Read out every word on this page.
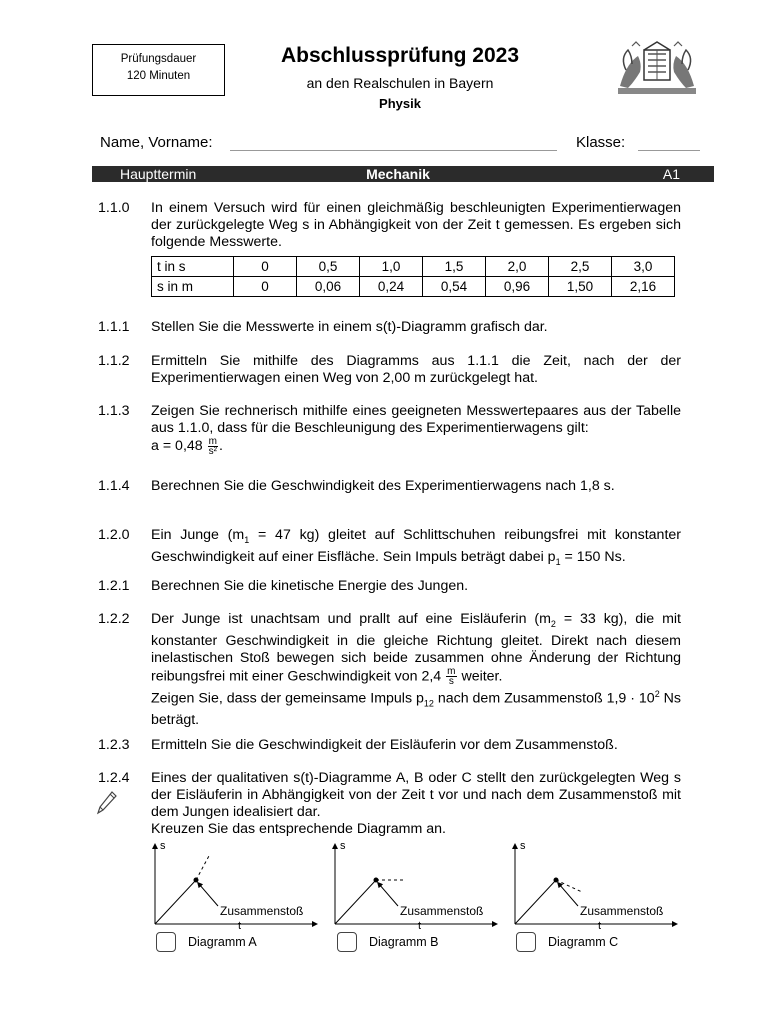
Prüfungsdauer
120 Minuten
Abschlussprüfung 2023
an den Realschulen in Bayern
Physik
Name, Vorname:	Klasse:
Haupttermin	Mechanik	A1
1.1.0 In einem Versuch wird für einen gleichmäßig beschleunigten Experimentierwagen der zurückgelegte Weg s in Abhängigkeit von der Zeit t gemessen. Es ergeben sich folgende Messwerte.
t in s	0	0,5	1,0	1,5	2,0	2,5	3,0
s in m	0	0,06	0,24	0,54	0,96	1,50	2,16
1.1.1 Stellen Sie die Messwerte in einem s(t)-Diagramm grafisch dar.
1.1.2 Ermitteln Sie mithilfe des Diagramms aus 1.1.1 die Zeit, nach der der Experimentierwagen einen Weg von 2,00 m zurückgelegt hat.
1.1.3 Zeigen Sie rechnerisch mithilfe eines geeigneten Messwertepaares aus der Tabelle aus 1.1.0, dass für die Beschleunigung des Experimentierwagens gilt:
$a = 0,48 \frac{m}{\text{s²}}$ .
1.1.4 Berechnen Sie die Geschwindigkeit des Experimentierwagens nach 1,8 s.
1.2.0 Ein Junge ($m_1 = 47$ kg) gleitet auf Schlittschuhen reibungsfrei mit konstanter Geschwindigkeit auf einer Eisfläche. Sein Impuls beträgt dabei $p_1 = 150$ Ns.
1.2.1 Berechnen Sie die kinetische Energie des Jungen.
1.2.2 Der Junge ist unachtsam und prallt auf eine Eisläuferin ($m_2 = 33$ kg), die mit konstanter Geschwindigkeit in die gleiche Richtung gleitet. Direkt nach diesem inelastischen Stoß bewegen sich beide zusammen ohne Änderung der Richtung reibungsfrei mit einer Geschwindigkeit von $2,4 \frac{m}{s}$ weiter.
Zeigen Sie, dass der gemeinsame Impuls $p_{12}$ nach dem Zusammenstoß $1,9 \cdot 10^2$ Ns beträgt.
1.2.3 Ermitteln Sie die Geschwindigkeit der Eisläuferin vor dem Zusammenstoß.
1.2.4 Eines der qualitativen s(t)-Diagramme A, B oder C stellt den zurückgelegten Weg s der Eisläuferin in Abhängigkeit von der Zeit t vor und nach dem Zusammenstoß mit dem Jungen idealisiert dar.
Kreuzen Sie das entsprechende Diagramm an.
s
t
Zusammenstoß
s
t
Zusammenstoß
s
t
Zusammenstoß
Diagramm A	Diagramm B	Diagramm C
